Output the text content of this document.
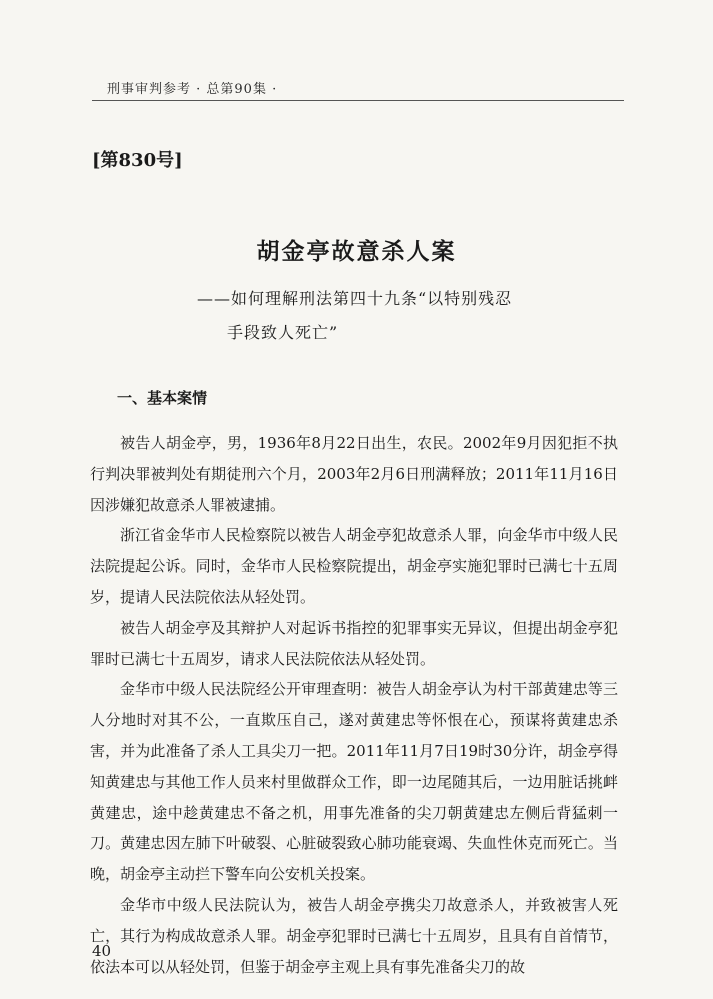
刑事审判参考 · 总第90集 ·
[第830号]
胡金亭故意杀人案
——如何理解刑法第四十九条“以特别残忍
手段致人死亡”
一、基本案情

被告人胡金亭，男，1936年8月22日出生，农民。2002年9月因犯拒不执行判决罪被判处有期徒刑六个月，2003年2月6日刑满释放；2011年11月16日因涉嫌犯故意杀人罪被逮捕。

浙江省金华市人民检察院以被告人胡金亭犯故意杀人罪，向金华市中级人民法院提起公诉。同时，金华市人民检察院提出，胡金亭实施犯罪时已满七十五周岁，提请人民法院依法从轻处罚。

被告人胡金亭及其辩护人对起诉书指控的犯罪事实无异议，但提出胡金亭犯罪时已满七十五周岁，请求人民法院依法从轻处罚。

金华市中级人民法院经公开审理查明：被告人胡金亭认为村干部黄建忠等三人分地时对其不公，一直欺压自己，遂对黄建忠等怀恨在心，预谋将黄建忠杀害，并为此准备了杀人工具尖刀一把。2011年11月7日19时30分许，胡金亭得知黄建忠与其他工作人员来村里做群众工作，即一边尾随其后，一边用脏话挑衅黄建忠，途中趁黄建忠不备之机，用事先准备的尖刀朝黄建忠左侧后背猛刺一刀。黄建忠因左肺下叶破裂、心脏破裂致心肺功能衰竭、失血性休克而死亡。当晚，胡金亭主动拦下警车向公安机关投案。

金华市中级人民法院认为，被告人胡金亭携尖刀故意杀人，并致被害人死亡，其行为构成故意杀人罪。胡金亭犯罪时已满七十五周岁，且具有自首情节，依法本可以从轻处罚，但鉴于胡金亭主观上具有事先准备尖刀的故

40
